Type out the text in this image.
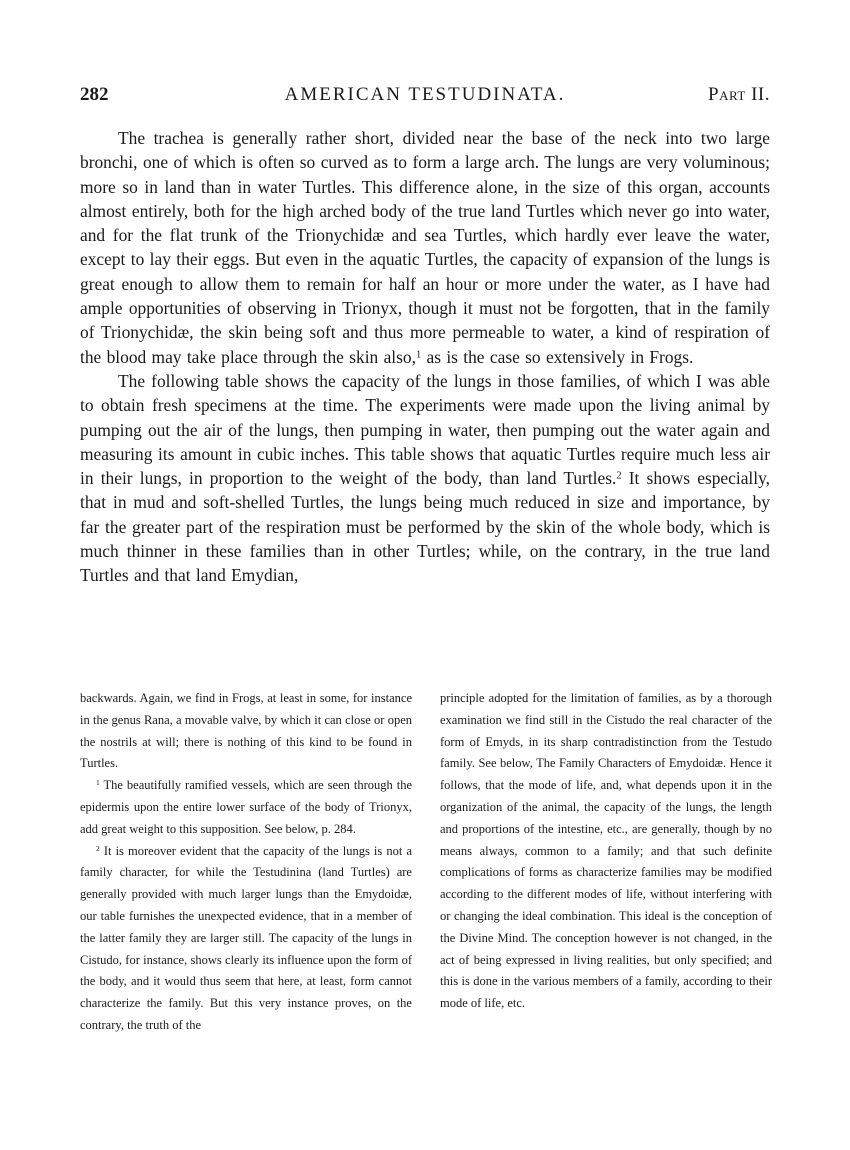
282	AMERICAN TESTUDINATA.	Part II.

The trachea is generally rather short, divided near the base of the neck into two large bronchi, one of which is often so curved as to form a large arch. The lungs are very voluminous; more so in land than in water Turtles. This difference alone, in the size of this organ, accounts almost entirely, both for the high arched body of the true land Turtles which never go into water, and for the flat trunk of the Trionychidæ and sea Turtles, which hardly ever leave the water, except to lay their eggs. But even in the aquatic Turtles, the capacity of expansion of the lungs is great enough to allow them to remain for half an hour or more under the water, as I have had ample opportunities of observing in Trionyx, though it must not be forgotten, that in the family of Trionychidæ, the skin being soft and thus more permeable to water, a kind of respiration of the blood may take place through the skin also,$^1$ as is the case so extensively in Frogs.

The following table shows the capacity of the lungs in those families, of which I was able to obtain fresh specimens at the time. The experiments were made upon the living animal by pumping out the air of the lungs, then pumping in water, then pumping out the water again and measuring its amount in cubic inches. This table shows that aquatic Turtles require much less air in their lungs, in proportion to the weight of the body, than land Turtles.$^2$ It shows especially, that in mud and soft-shelled Turtles, the lungs being much reduced in size and importance, by far the greater part of the respiration must be performed by the skin of the whole body, which is much thinner in these families than in other Turtles; while, on the contrary, in the true land Turtles and that land Emydian,

backwards. Again, we find in Frogs, at least in some, for instance in the genus Rana, a movable valve, by which it can close or open the nostrils at will; there is nothing of this kind to be found in Turtles.

$^1$ The beautifully ramified vessels, which are seen through the epidermis upon the entire lower surface of the body of Trionyx, add great weight to this supposition. See below, p. 284.

$^2$ It is moreover evident that the capacity of the lungs is not a family character, for while the Testudinina (land Turtles) are generally provided with much larger lungs than the Emydoidæ, our table furnishes the unexpected evidence, that in a member of the latter family they are larger still. The capacity of the lungs in Cistudo, for instance, shows clearly its influence upon the form of the body, and it would thus seem that here, at least, form cannot characterize the family. But this very instance proves, on the contrary, the truth of the

principle adopted for the limitation of families, as by a thorough examination we find still in the Cistudo the real character of the form of Emyds, in its sharp contradistinction from the Testudo family. See below, The Family Characters of Emydoidæ. Hence it follows, that the mode of life, and, what depends upon it in the organization of the animal, the capacity of the lungs, the length and proportions of the intestine, etc., are generally, though by no means always, common to a family; and that such definite complications of forms as characterize families may be modified according to the different modes of life, without interfering with or changing the ideal combination. This ideal is the conception of the Divine Mind. The conception however is not changed, in the act of being expressed in living realities, but only specified; and this is done in the various members of a family, according to their mode of life, etc.
